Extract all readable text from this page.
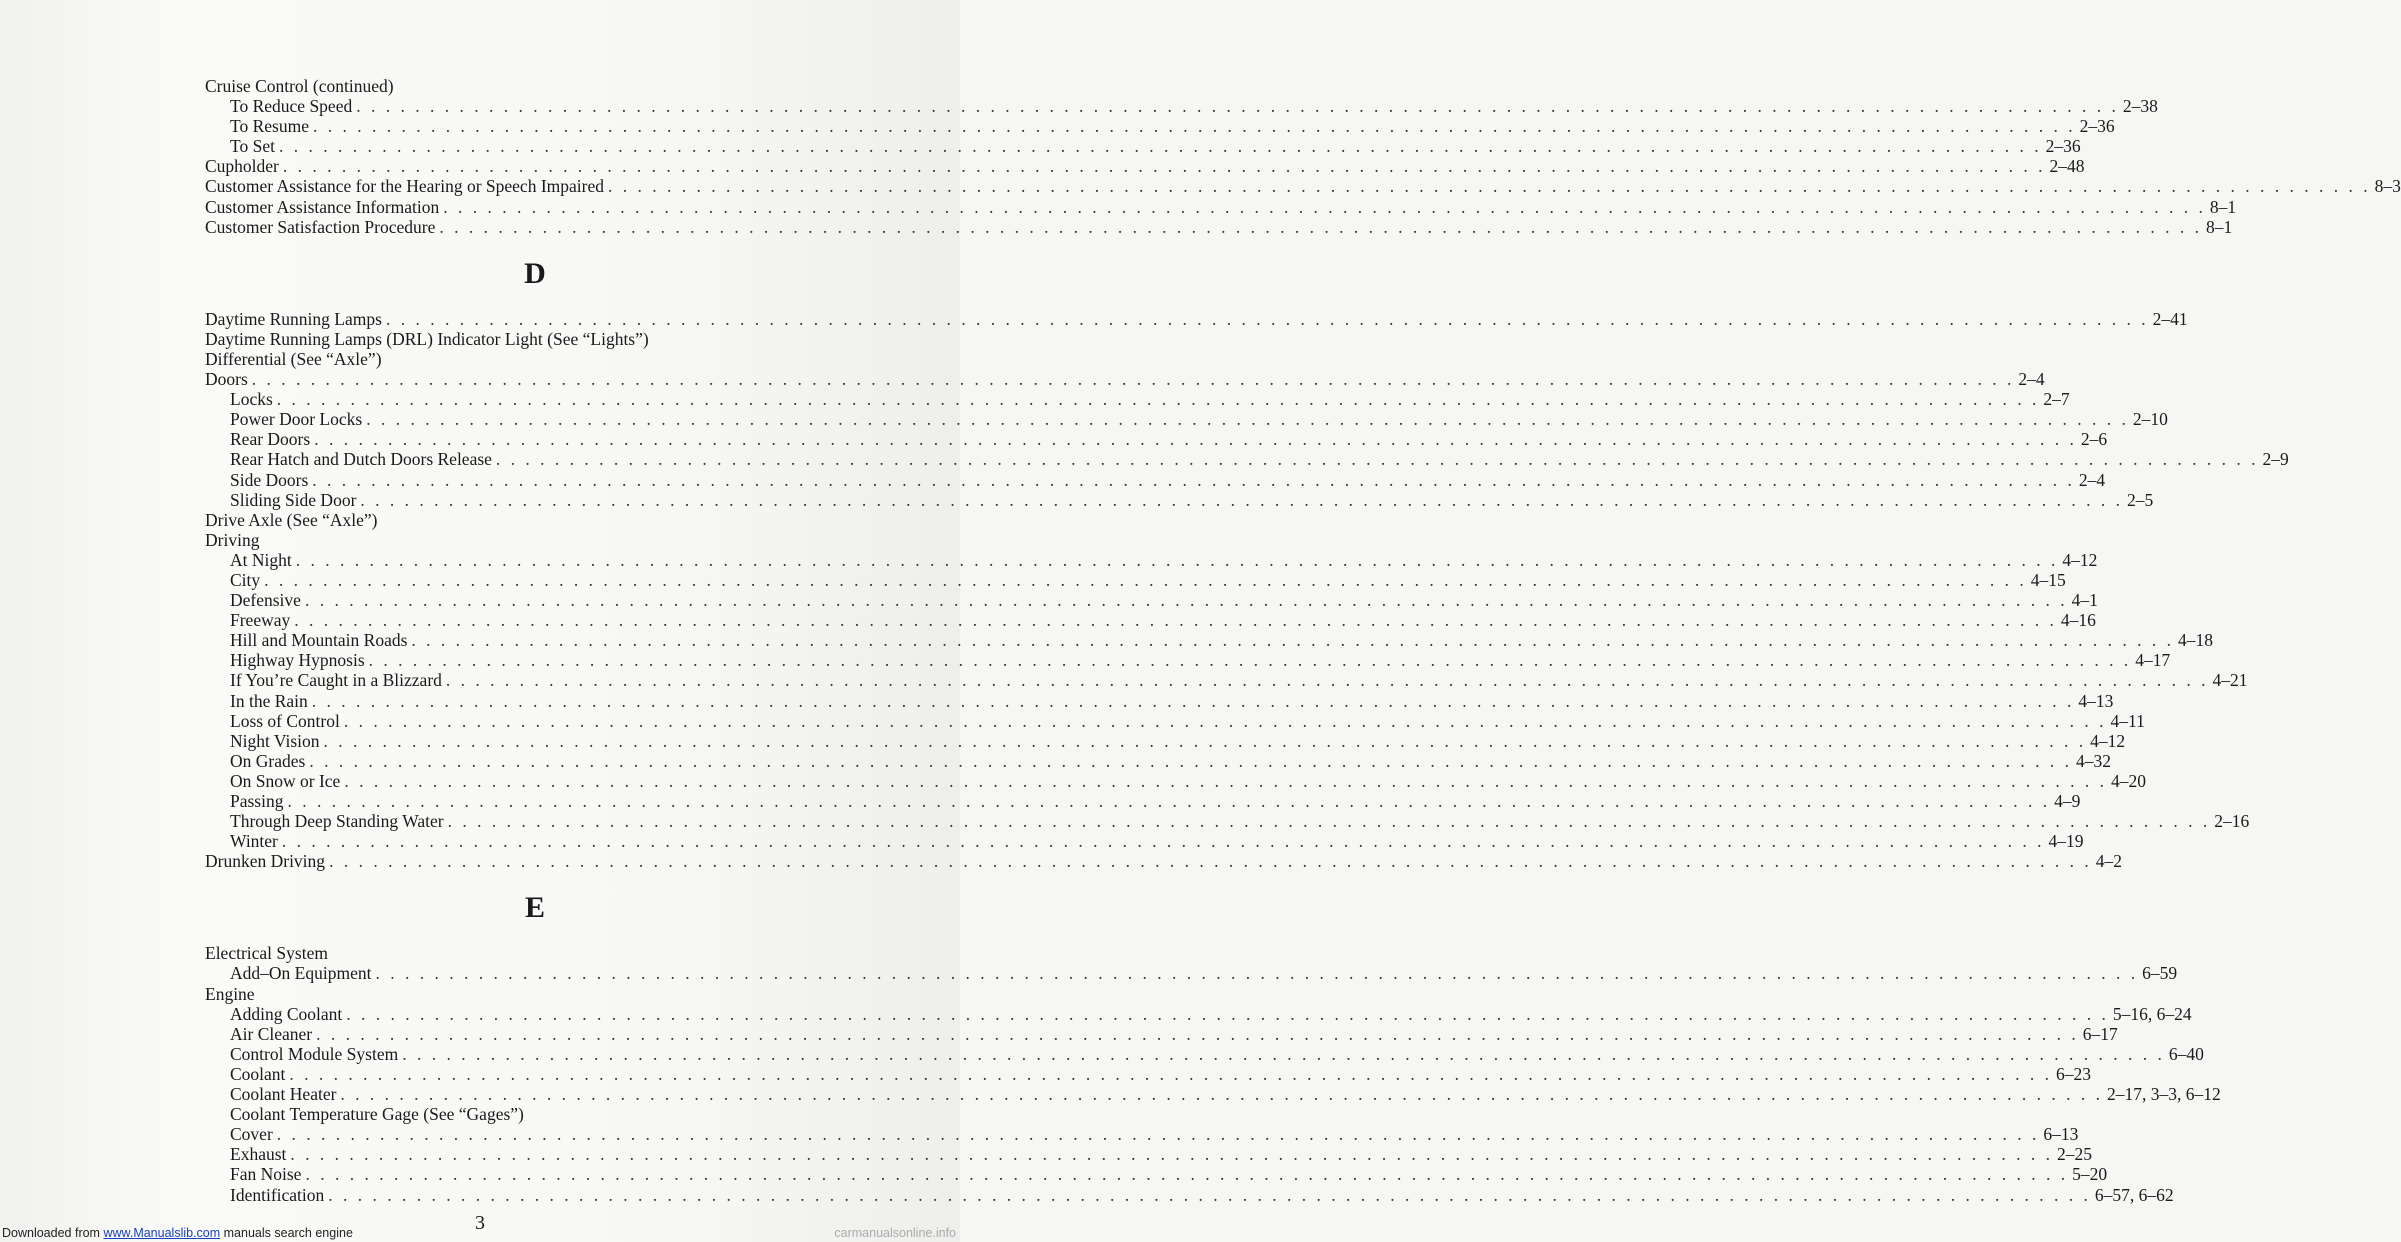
Cruise Control (continued)
To Reduce Speed . . . . . . . . . . . . . . . . . . . . . . . . . . . . . . . . . . . . . . . . . . . . . . . . . . . . . . . . . . . . . . . . . . . . . . . . . . . . . . . . . . . . . . . . . . . . . . . . . . . . . . . . . . . . . . . . . . . . . . . . 2–38
To Resume . . . . . . . . . . . . . . . . . . . . . . . . . . . . . . . . . . . . . . . . . . . . . . . . . . . . . . . . . . . . . . . . . . . . . . . . . . . . . . . . . . . . . . . . . . . . . . . . . . . . . . . . . . . . . . . . . . . . . . . . 2–36
To Set . . . . . . . . . . . . . . . . . . . . . . . . . . . . . . . . . . . . . . . . . . . . . . . . . . . . . . . . . . . . . . . . . . . . . . . . . . . . . . . . . . . . . . . . . . . . . . . . . . . . . . . . . . . . . . . . . . . . . . . . 2–36
Cupholder . . . . . . . . . . . . . . . . . . . . . . . . . . . . . . . . . . . . . . . . . . . . . . . . . . . . . . . . . . . . . . . . . . . . . . . . . . . . . . . . . . . . . . . . . . . . . . . . . . . . . . . . . . . . . . . . . . . . . . . . 2–48
Customer Assistance for the Hearing or Speech Impaired . . . . . . . . . . . . . . . . . . . . . . . . . . . . . . . . . . . . . . . . . . . . . . . . . . . . . . . . . . . . . . . . . . . . . . . . . . . . . . . . . . . . . . . . . . . . . . . . . . . . . . . . . . . . . . . . . . . . . . . . 8–3
Customer Assistance Information . . . . . . . . . . . . . . . . . . . . . . . . . . . . . . . . . . . . . . . . . . . . . . . . . . . . . . . . . . . . . . . . . . . . . . . . . . . . . . . . . . . . . . . . . . . . . . . . . . . . . . . . . . . . . . . . . . . . . . . . 8–1
Customer Satisfaction Procedure . . . . . . . . . . . . . . . . . . . . . . . . . . . . . . . . . . . . . . . . . . . . . . . . . . . . . . . . . . . . . . . . . . . . . . . . . . . . . . . . . . . . . . . . . . . . . . . . . . . . . . . . . . . . . . . . . . . . . . . . 8–1
D
Daytime Running Lamps . . . . . . . . . . . . . . . . . . . . . . . . . . . . . . . . . . . . . . . . . . . . . . . . . . . . . . . . . . . . . . . . . . . . . . . . . . . . . . . . . . . . . . . . . . . . . . . . . . . . . . . . . . . . . . . . . . . . . . . . 2–41
Daytime Running Lamps (DRL) Indicator Light (See “Lights”)
Differential (See “Axle”)
Doors . . . . . . . . . . . . . . . . . . . . . . . . . . . . . . . . . . . . . . . . . . . . . . . . . . . . . . . . . . . . . . . . . . . . . . . . . . . . . . . . . . . . . . . . . . . . . . . . . . . . . . . . . . . . . . . . . . . . . . . . 2–4
Locks . . . . . . . . . . . . . . . . . . . . . . . . . . . . . . . . . . . . . . . . . . . . . . . . . . . . . . . . . . . . . . . . . . . . . . . . . . . . . . . . . . . . . . . . . . . . . . . . . . . . . . . . . . . . . . . . . . . . . . . . 2–7
Power Door Locks . . . . . . . . . . . . . . . . . . . . . . . . . . . . . . . . . . . . . . . . . . . . . . . . . . . . . . . . . . . . . . . . . . . . . . . . . . . . . . . . . . . . . . . . . . . . . . . . . . . . . . . . . . . . . . . . . . . . . . . . 2–10
Rear Doors . . . . . . . . . . . . . . . . . . . . . . . . . . . . . . . . . . . . . . . . . . . . . . . . . . . . . . . . . . . . . . . . . . . . . . . . . . . . . . . . . . . . . . . . . . . . . . . . . . . . . . . . . . . . . . . . . . . . . . . . 2–6
Rear Hatch and Dutch Doors Release . . . . . . . . . . . . . . . . . . . . . . . . . . . . . . . . . . . . . . . . . . . . . . . . . . . . . . . . . . . . . . . . . . . . . . . . . . . . . . . . . . . . . . . . . . . . . . . . . . . . . . . . . . . . . . . . . . . . . . . . 2–9
Side Doors . . . . . . . . . . . . . . . . . . . . . . . . . . . . . . . . . . . . . . . . . . . . . . . . . . . . . . . . . . . . . . . . . . . . . . . . . . . . . . . . . . . . . . . . . . . . . . . . . . . . . . . . . . . . . . . . . . . . . . . . 2–4
Sliding Side Door . . . . . . . . . . . . . . . . . . . . . . . . . . . . . . . . . . . . . . . . . . . . . . . . . . . . . . . . . . . . . . . . . . . . . . . . . . . . . . . . . . . . . . . . . . . . . . . . . . . . . . . . . . . . . . . . . . . . . . . . 2–5
Drive Axle (See “Axle”)
Driving
At Night . . . . . . . . . . . . . . . . . . . . . . . . . . . . . . . . . . . . . . . . . . . . . . . . . . . . . . . . . . . . . . . . . . . . . . . . . . . . . . . . . . . . . . . . . . . . . . . . . . . . . . . . . . . . . . . . . . . . . . . . 4–12
City . . . . . . . . . . . . . . . . . . . . . . . . . . . . . . . . . . . . . . . . . . . . . . . . . . . . . . . . . . . . . . . . . . . . . . . . . . . . . . . . . . . . . . . . . . . . . . . . . . . . . . . . . . . . . . . . . . . . . . . . 4–15
Defensive . . . . . . . . . . . . . . . . . . . . . . . . . . . . . . . . . . . . . . . . . . . . . . . . . . . . . . . . . . . . . . . . . . . . . . . . . . . . . . . . . . . . . . . . . . . . . . . . . . . . . . . . . . . . . . . . . . . . . . . . 4–1
Freeway . . . . . . . . . . . . . . . . . . . . . . . . . . . . . . . . . . . . . . . . . . . . . . . . . . . . . . . . . . . . . . . . . . . . . . . . . . . . . . . . . . . . . . . . . . . . . . . . . . . . . . . . . . . . . . . . . . . . . . . . 4–16
Hill and Mountain Roads . . . . . . . . . . . . . . . . . . . . . . . . . . . . . . . . . . . . . . . . . . . . . . . . . . . . . . . . . . . . . . . . . . . . . . . . . . . . . . . . . . . . . . . . . . . . . . . . . . . . . . . . . . . . . . . . . . . . . . . . 4–18
Highway Hypnosis . . . . . . . . . . . . . . . . . . . . . . . . . . . . . . . . . . . . . . . . . . . . . . . . . . . . . . . . . . . . . . . . . . . . . . . . . . . . . . . . . . . . . . . . . . . . . . . . . . . . . . . . . . . . . . . . . . . . . . . . 4–17
If You’re Caught in a Blizzard . . . . . . . . . . . . . . . . . . . . . . . . . . . . . . . . . . . . . . . . . . . . . . . . . . . . . . . . . . . . . . . . . . . . . . . . . . . . . . . . . . . . . . . . . . . . . . . . . . . . . . . . . . . . . . . . . . . . . . . . 4–21
In the Rain . . . . . . . . . . . . . . . . . . . . . . . . . . . . . . . . . . . . . . . . . . . . . . . . . . . . . . . . . . . . . . . . . . . . . . . . . . . . . . . . . . . . . . . . . . . . . . . . . . . . . . . . . . . . . . . . . . . . . . . . 4–13
Loss of Control . . . . . . . . . . . . . . . . . . . . . . . . . . . . . . . . . . . . . . . . . . . . . . . . . . . . . . . . . . . . . . . . . . . . . . . . . . . . . . . . . . . . . . . . . . . . . . . . . . . . . . . . . . . . . . . . . . . . . . . . 4–11
Night Vision . . . . . . . . . . . . . . . . . . . . . . . . . . . . . . . . . . . . . . . . . . . . . . . . . . . . . . . . . . . . . . . . . . . . . . . . . . . . . . . . . . . . . . . . . . . . . . . . . . . . . . . . . . . . . . . . . . . . . . . . 4–12
On Grades . . . . . . . . . . . . . . . . . . . . . . . . . . . . . . . . . . . . . . . . . . . . . . . . . . . . . . . . . . . . . . . . . . . . . . . . . . . . . . . . . . . . . . . . . . . . . . . . . . . . . . . . . . . . . . . . . . . . . . . . 4–32
On Snow or Ice . . . . . . . . . . . . . . . . . . . . . . . . . . . . . . . . . . . . . . . . . . . . . . . . . . . . . . . . . . . . . . . . . . . . . . . . . . . . . . . . . . . . . . . . . . . . . . . . . . . . . . . . . . . . . . . . . . . . . . . . 4–20
Passing . . . . . . . . . . . . . . . . . . . . . . . . . . . . . . . . . . . . . . . . . . . . . . . . . . . . . . . . . . . . . . . . . . . . . . . . . . . . . . . . . . . . . . . . . . . . . . . . . . . . . . . . . . . . . . . . . . . . . . . . 4–9
Through Deep Standing Water . . . . . . . . . . . . . . . . . . . . . . . . . . . . . . . . . . . . . . . . . . . . . . . . . . . . . . . . . . . . . . . . . . . . . . . . . . . . . . . . . . . . . . . . . . . . . . . . . . . . . . . . . . . . . . . . . . . . . . . . 2–16
Winter . . . . . . . . . . . . . . . . . . . . . . . . . . . . . . . . . . . . . . . . . . . . . . . . . . . . . . . . . . . . . . . . . . . . . . . . . . . . . . . . . . . . . . . . . . . . . . . . . . . . . . . . . . . . . . . . . . . . . . . . 4–19
Drunken Driving . . . . . . . . . . . . . . . . . . . . . . . . . . . . . . . . . . . . . . . . . . . . . . . . . . . . . . . . . . . . . . . . . . . . . . . . . . . . . . . . . . . . . . . . . . . . . . . . . . . . . . . . . . . . . . . . . . . . . . . . 4–2
E
Electrical System
Add–On Equipment . . . . . . . . . . . . . . . . . . . . . . . . . . . . . . . . . . . . . . . . . . . . . . . . . . . . . . . . . . . . . . . . . . . . . . . . . . . . . . . . . . . . . . . . . . . . . . . . . . . . . . . . . . . . . . . . . . . . . . . . 6–59
Engine
Adding Coolant . . . . . . . . . . . . . . . . . . . . . . . . . . . . . . . . . . . . . . . . . . . . . . . . . . . . . . . . . . . . . . . . . . . . . . . . . . . . . . . . . . . . . . . . . . . . . . . . . . . . . . . . . . . . . . . . . . . . . . . . 5–16, 6–24
Air Cleaner . . . . . . . . . . . . . . . . . . . . . . . . . . . . . . . . . . . . . . . . . . . . . . . . . . . . . . . . . . . . . . . . . . . . . . . . . . . . . . . . . . . . . . . . . . . . . . . . . . . . . . . . . . . . . . . . . . . . . . . . 6–17
Control Module System . . . . . . . . . . . . . . . . . . . . . . . . . . . . . . . . . . . . . . . . . . . . . . . . . . . . . . . . . . . . . . . . . . . . . . . . . . . . . . . . . . . . . . . . . . . . . . . . . . . . . . . . . . . . . . . . . . . . . . . . 6–40
Coolant . . . . . . . . . . . . . . . . . . . . . . . . . . . . . . . . . . . . . . . . . . . . . . . . . . . . . . . . . . . . . . . . . . . . . . . . . . . . . . . . . . . . . . . . . . . . . . . . . . . . . . . . . . . . . . . . . . . . . . . . 6–23
Coolant Heater . . . . . . . . . . . . . . . . . . . . . . . . . . . . . . . . . . . . . . . . . . . . . . . . . . . . . . . . . . . . . . . . . . . . . . . . . . . . . . . . . . . . . . . . . . . . . . . . . . . . . . . . . . . . . . . . . . . . . . . . 2–17, 3–3, 6–12
Coolant Temperature Gage (See “Gages”)
Cover . . . . . . . . . . . . . . . . . . . . . . . . . . . . . . . . . . . . . . . . . . . . . . . . . . . . . . . . . . . . . . . . . . . . . . . . . . . . . . . . . . . . . . . . . . . . . . . . . . . . . . . . . . . . . . . . . . . . . . . . 6–13
Exhaust . . . . . . . . . . . . . . . . . . . . . . . . . . . . . . . . . . . . . . . . . . . . . . . . . . . . . . . . . . . . . . . . . . . . . . . . . . . . . . . . . . . . . . . . . . . . . . . . . . . . . . . . . . . . . . . . . . . . . . . . 2–25
Fan Noise . . . . . . . . . . . . . . . . . . . . . . . . . . . . . . . . . . . . . . . . . . . . . . . . . . . . . . . . . . . . . . . . . . . . . . . . . . . . . . . . . . . . . . . . . . . . . . . . . . . . . . . . . . . . . . . . . . . . . . . . 5–20
Identification . . . . . . . . . . . . . . . . . . . . . . . . . . . . . . . . . . . . . . . . . . . . . . . . . . . . . . . . . . . . . . . . . . . . . . . . . . . . . . . . . . . . . . . . . . . . . . . . . . . . . . . . . . . . . . . . . . . . . . . . 6–57, 6–62
3
Downloaded from www.Manualslib.com manuals search engine	carmanualsonline.info
